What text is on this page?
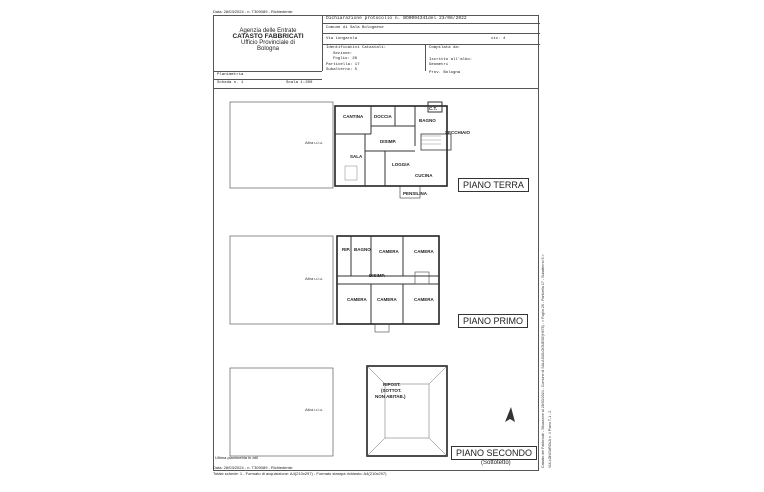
Data: 28/03/2024 - n. T309089 - Richiedente:
Agenzia delle Entrate
CATASTO FABBRICATI
Ufficio Provinciale di
Bologna
Dichiarazione protocollo n. BO0094341del 23/06/2022
Comune di Sala Bolognese
Via Longarola	civ. 4
Identificativi Catastali:
Sezione:
Foglio: 26
Particella: 17
Subalterno: 5
Compilata da:
Iscritto all'albo:
Geometri
Prov. Bologna
Planimetria
Scheda n. 1	Scala 1:200
Altra u.i.u.
CANTINA DOCCIA
BAGNO
C.T.
DISIMP.
SALA
LOGGIA
CUCINA
SECCHIAIO
PENSILINA
PIANO TERRA
Altra u.i.u.
RIP. BAGNO CAMERA	CAMERA
DISIMP.
CAMERA CAMERA	CAMERA
PIANO PRIMO
Altra u.i.u.
RIPOST.
(SOTTOT.
NON ABITAB.)
PIANO SECONDO
(Sottotetto)
Ultima planimetria in atti
Data: 28/03/2024 - n. T309089 - Richiedente:
Totale schede: 1 - Formato di acquisizione: A4(210x297) - Formato stampa richiesto: A4(210x297)
Catasto dei Fabbricati - Situazione al 28/03/2024 - Comune di SALA BOLOGNESE(H678) - < Foglio 26 - Particella 17 - Subalterno 5 > VIA LONGAROLA n. 4 Piano T-1 - 2
